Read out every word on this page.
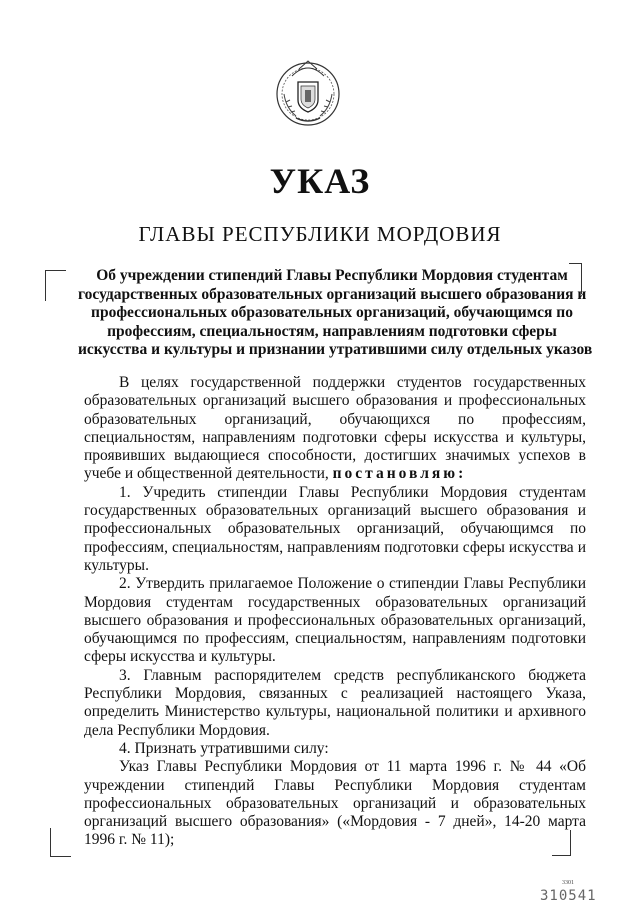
УКАЗ
ГЛАВЫ РЕСПУБЛИКИ МОРДОВИЯ
Об учреждении стипендий Главы Республики Мордовия студентам
государственных образовательных организаций высшего образования и
профессиональных образовательных организаций, обучающимся по
профессиям, специальностям, направлениям подготовки сферы
искусства и культуры и признании утратившими силу отдельных указов

В целях государственной поддержки студентов государственных образовательных организаций высшего образования и профессиональных образовательных организаций, обучающихся по профессиям, специальностям, направлениям подготовки сферы искусства и культуры, проявивших выдающиеся способности, достигших значимых успехов в учебе и общественной деятельности, постановляю:

1. Учредить стипендии Главы Республики Мордовия студентам государственных образовательных организаций высшего образования и профессиональных образовательных организаций, обучающимся по профессиям, специальностям, направлениям подготовки сферы искусства и культуры.

2. Утвердить прилагаемое Положение о стипендии Главы Республики Мордовия студентам государственных образовательных организаций высшего образования и профессиональных образовательных организаций, обучающимся по профессиям, специальностям, направлениям подготовки сферы искусства и культуры.

3. Главным распорядителем средств республиканского бюджета Республики Мордовия, связанных с реализацией настоящего Указа, определить Министерство культуры, национальной политики и архивного дела Республики Мордовия.

4. Признать утратившими силу:

Указ Главы Республики Мордовия от 11 марта 1996 г. № 44 «Об учреждении стипендий Главы Республики Мордовия студентам профессиональных образовательных организаций и образовательных организаций высшего образования» («Мордовия - 7 дней», 14-20 марта 1996 г. № 11);

3301
310541
